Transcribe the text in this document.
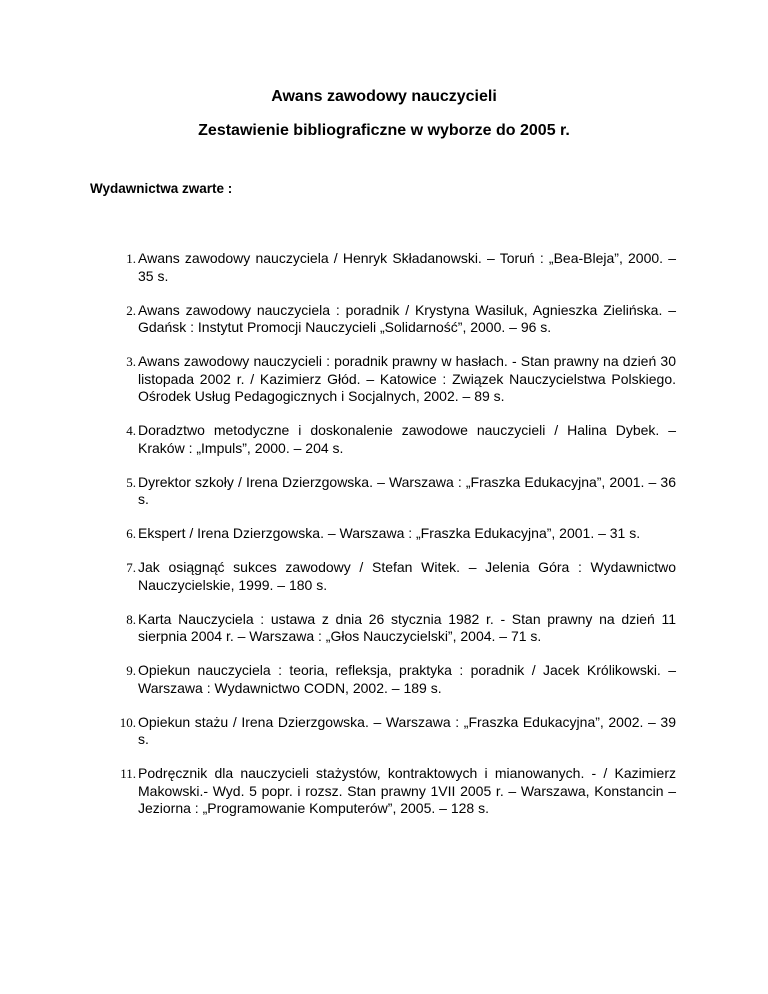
Awans zawodowy nauczycieli
Zestawienie bibliograficzne w wyborze do 2005 r.
Wydawnictwa zwarte :
1. Awans zawodowy nauczyciela / Henryk Składanowski. – Toruń : „Bea-Bleja”, 2000. – 35 s.
2. Awans zawodowy nauczyciela : poradnik / Krystyna Wasiluk, Agnieszka Zielińska. – Gdańsk : Instytut Promocji Nauczycieli „Solidarność”, 2000. – 96 s.
3. Awans zawodowy nauczycieli : poradnik prawny w hasłach. - Stan prawny na dzień 30 listopada 2002 r. / Kazimierz Głód. – Katowice : Związek Nauczycielstwa Polskiego. Ośrodek Usług Pedagogicznych i Socjalnych, 2002. – 89 s.
4. Doradztwo metodyczne i doskonalenie zawodowe nauczycieli / Halina Dybek. – Kraków : „Impuls”, 2000. – 204 s.
5. Dyrektor szkoły / Irena Dzierzgowska. – Warszawa : „Fraszka Edukacyjna”, 2001. – 36 s.
6. Ekspert / Irena Dzierzgowska. – Warszawa : „Fraszka Edukacyjna”, 2001. – 31 s.
7. Jak osiągnąć sukces zawodowy / Stefan Witek. – Jelenia Góra : Wydawnictwo Nauczycielskie, 1999. – 180 s.
8. Karta Nauczyciela : ustawa z dnia 26 stycznia 1982 r. - Stan prawny na dzień 11 sierpnia 2004 r. – Warszawa : „Głos Nauczycielski”, 2004. – 71 s.
9. Opiekun nauczyciela : teoria, refleksja, praktyka : poradnik / Jacek Królikowski. – Warszawa : Wydawnictwo CODN, 2002. – 189 s.
10. Opiekun stażu / Irena Dzierzgowska. – Warszawa : „Fraszka Edukacyjna”, 2002. – 39 s.
11. Podręcznik dla nauczycieli stażystów, kontraktowych i mianowanych. - / Kazimierz Makowski.- Wyd. 5 popr. i rozsz. Stan prawny 1VII 2005 r. – Warszawa, Konstancin – Jeziorna : „Programowanie Komputerów”, 2005. – 128 s.
